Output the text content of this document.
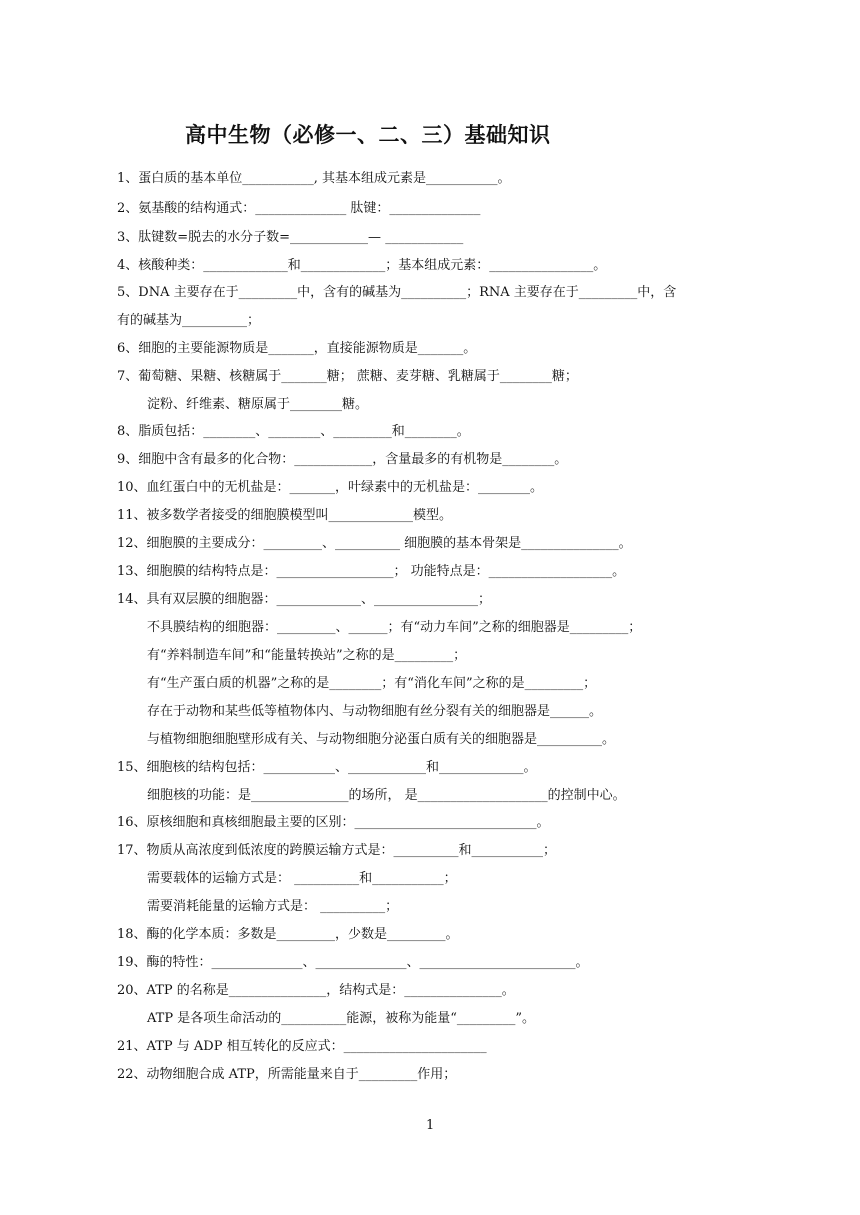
高中生物（必修一、二、三）基础知识
1、蛋白质的基本单位___________, 其基本组成元素是___________。
2、氨基酸的结构通式：______________ 肽键：______________
3、肽键数=脱去的水分子数=____________— ____________
4、核酸种类：_____________和_____________；基本组成元素：________________。
5、DNA 主要存在于_________中，含有的碱基为__________；RNA 主要存在于_________中，含
有的碱基为__________；
6、细胞的主要能源物质是_______，直接能源物质是_______。
7、葡萄糖、果糖、核糖属于_______糖； 蔗糖、麦芽糖、乳糖属于________糖；
淀粉、纤维素、糖原属于________糖。
8、脂质包括：________、________、_________和________。
9、细胞中含有最多的化合物：____________，含量最多的有机物是________。
10、血红蛋白中的无机盐是：_______，叶绿素中的无机盐是：________。
11、被多数学者接受的细胞膜模型叫_____________模型。
12、细胞膜的主要成分：_________、__________ 细胞膜的基本骨架是_______________。
13、细胞膜的结构特点是：__________________； 功能特点是：___________________。
14、具有双层膜的细胞器：_____________、________________；
不具膜结构的细胞器：_________、______；有“动力车间”之称的细胞器是_________；
有“养料制造车间”和“能量转换站”之称的是_________；
有“生产蛋白质的机器”之称的是________；有“消化车间”之称的是_________；
存在于动物和某些低等植物体内、与动物细胞有丝分裂有关的细胞器是______。
与植物细胞细胞壁形成有关、与动物细胞分泌蛋白质有关的细胞器是__________。
15、细胞核的结构包括：___________、____________和_____________。
细胞核的功能：是_______________的场所， 是____________________的控制中心。
16、原核细胞和真核细胞最主要的区别：____________________________。
17、物质从高浓度到低浓度的跨膜运输方式是：__________和___________；
需要载体的运输方式是： __________和___________；
需要消耗能量的运输方式是： __________；
18、酶的化学本质：多数是_________，少数是_________。
19、酶的特性：______________、______________、________________________。
20、ATP 的名称是_______________，结构式是：_______________。
ATP 是各项生命活动的__________能源，被称为能量“_________”。
21、ATP 与 ADP 相互转化的反应式：______________________
22、动物细胞合成 ATP，所需能量来自于_________作用；
1
